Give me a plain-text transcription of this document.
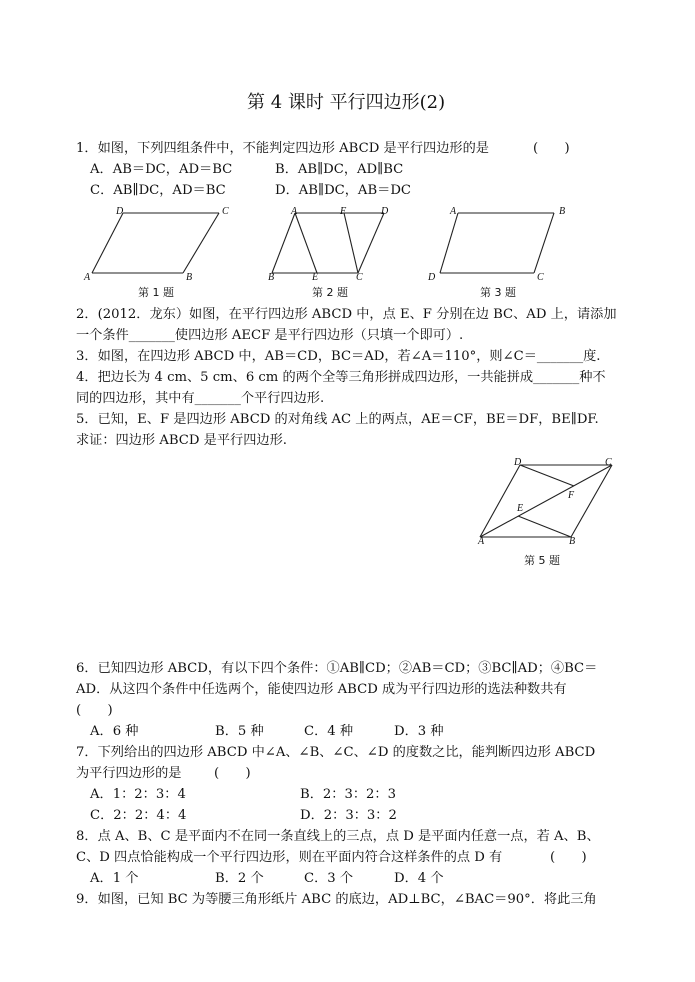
第 4 课时 平行四边形(2)
1．如图，下列四组条件中，不能判定四边形 ABCD 是平行四边形的是	(　　)
A．AB＝DC，AD＝BC	B．AB∥DC，AD∥BC
C．AB∥DC，AD＝BC	D．AB∥DC，AB＝DC
D	C
A	B
第 1 题
A	F	D
B	E	C
第 2 题
A	B
D	C
第 3 题
2．(2012．龙东）如图，在平行四边形 ABCD 中，点 E、F 分别在边 BC、AD 上，请添加
一个条件_______使四边形 AECF 是平行四边形（只填一个即可）.
3．如图，在四边形 ABCD 中，AB＝CD，BC＝AD，若∠A＝110°，则∠C＝_______度.
4．把边长为 4 cm、5 cm、6 cm 的两个全等三角形拼成四边形，一共能拼成_______种不
同的四边形，其中有_______个平行四边形.
5．已知，E、F 是四边形 ABCD 的对角线 AC 上的两点，AE＝CF，BE＝DF，BE∥DF.
求证：四边形 ABCD 是平行四边形.
D	C
F
E
A	B
第 5 题
6．已知四边形 ABCD，有以下四个条件：①AB∥CD；②AB＝CD；③BC∥AD；④BC＝
AD．从这四个条件中任选两个，能使四边形 ABCD 成为平行四边形的选法种数共有
(　　)
A．6 种	B．5 种	C．4 种	D．3 种
7．下列给出的四边形 ABCD 中∠A、∠B、∠C、∠D 的度数之比，能判断四边形 ABCD
为平行四边形的是 (　　)
A．1：2：3：4	B．2：3：2：3
C．2：2：4：4	D．2：3：3：2
8．点 A、B、C 是平面内不在同一条直线上的三点，点 D 是平面内任意一点，若 A、B、
C、D 四点恰能构成一个平行四边形，则在平面内符合这样条件的点 D 有	(　　)
A．1 个	B．2 个	C．3 个	D．4 个
9．如图，已知 BC 为等腰三角形纸片 ABC 的底边，AD⊥BC，∠BAC＝90°．将此三角
